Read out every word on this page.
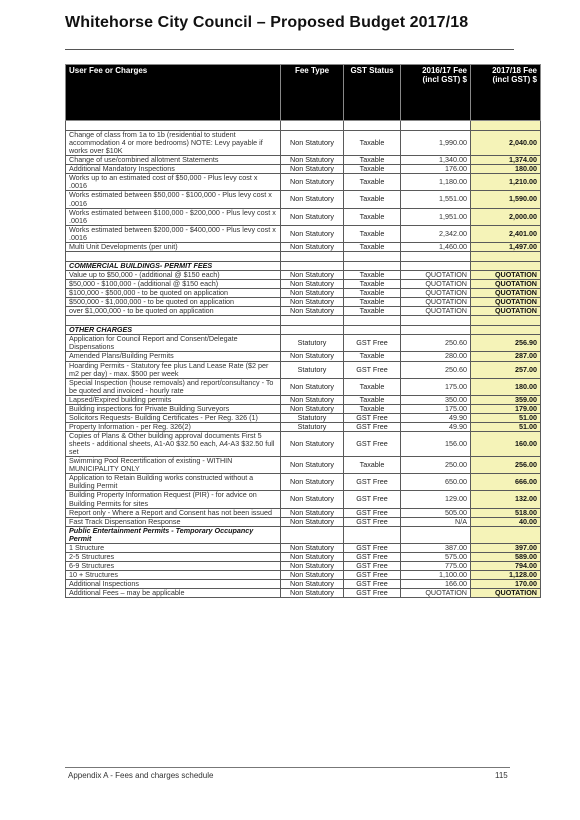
Whitehorse City Council – Proposed Budget 2017/18
User Fee or Charges	Fee Type	GST Status	2016/17 Fee (incl GST) $	2017/18 Fee (incl GST) $

Change of class from 1a to 1b (residential to student accommodation 4 or more bedrooms) NOTE: Levy payable if works over $10K	Non Statutory	Taxable	1,990.00	2,040.00
Change of use/combined allotment Statements	Non Statutory	Taxable	1,340.00	1,374.00
Additional Mandatory Inspections	Non Statutory	Taxable	176.00	180.00
Works up to an estimated cost of $50,000 - Plus levy cost x .0016	Non Statutory	Taxable	1,180.00	1,210.00
Works estimated between $50,000 - $100,000 - Plus levy cost x .0016	Non Statutory	Taxable	1,551.00	1,590.00
Works estimated between $100,000 - $200,000 - Plus levy cost x .0016	Non Statutory	Taxable	1,951.00	2,000.00
Works estimated between $200,000 - $400,000 - Plus levy cost x .0016	Non Statutory	Taxable	2,342.00	2,401.00
Multi Unit Developments (per unit)	Non Statutory	Taxable	1,460.00	1,497.00

COMMERCIAL BUILDINGS- PERMIT FEES				
Value up to $50,000 - (additional @ $150 each)	Non Statutory	Taxable	QUOTATION	QUOTATION
$50,000 - $100,000 - (additional @ $150 each)	Non Statutory	Taxable	QUOTATION	QUOTATION
$100,000 - $500,000 - to be quoted on application	Non Statutory	Taxable	QUOTATION	QUOTATION
$500,000 - $1,000,000 - to be quoted on application	Non Statutory	Taxable	QUOTATION	QUOTATION
over $1,000,000 - to be quoted on application	Non Statutory	Taxable	QUOTATION	QUOTATION

OTHER CHARGES				
Application for Council Report and Consent/Delegate Dispensations	Statutory	GST Free	250.60	256.90
Amended Plans/Building Permits	Non Statutory	Taxable	280.00	287.00
Hoarding Permits - Statutory fee plus Land Lease Rate ($2 per m2 per day) - max. $500 per week	Statutory	GST Free	250.60	257.00
Special Inspection (house removals) and report/consultancy - To be quoted and invoiced - hourly rate	Non Statutory	Taxable	175.00	180.00
Lapsed/Expired building permits	Non Statutory	Taxable	350.00	359.00
Building inspections for Private Building Surveyors	Non Statutory	Taxable	175.00	179.00
Solicitors Requests- Building Certificates - Per Reg. 326 (1)	Statutory	GST Free	49.90	51.00
Property Information - per Reg. 326(2)	Statutory	GST Free	49.90	51.00
Copies of Plans & Other building approval documents First 5 sheets - additional sheets, A1-A0 $32.50 each, A4-A3 $32.50 full set	Non Statutory	GST Free	156.00	160.00
Swimming Pool Recertification of existing - WITHIN MUNICIPALITY ONLY	Non Statutory	Taxable	250.00	256.00
Application to Retain Building works constructed without a Building Permit	Non Statutory	GST Free	650.00	666.00
Building Property Information Request (PIR) - for advice on Building Permits for sites	Non Statutory	GST Free	129.00	132.00
Report only - Where a Report and Consent has not been issued	Non Statutory	GST Free	505.00	518.00
Fast Track Dispensation Response	Non Statutory	GST Free	N/A	40.00
Public Entertainment Permits - Temporary Occupancy Permit				
1 Structure	Non Statutory	GST Free	387.00	397.00
2-5 Structures	Non Statutory	GST Free	575.00	589.00
6-9 Structures	Non Statutory	GST Free	775.00	794.00
10 + Structures	Non Statutory	GST Free	1,100.00	1,128.00
Additional Inspections	Non Statutory	GST Free	166.00	170.00
Additional Fees – may be applicable	Non Statutory	GST Free	QUOTATION	QUOTATION
Appendix A - Fees and charges schedule	115
